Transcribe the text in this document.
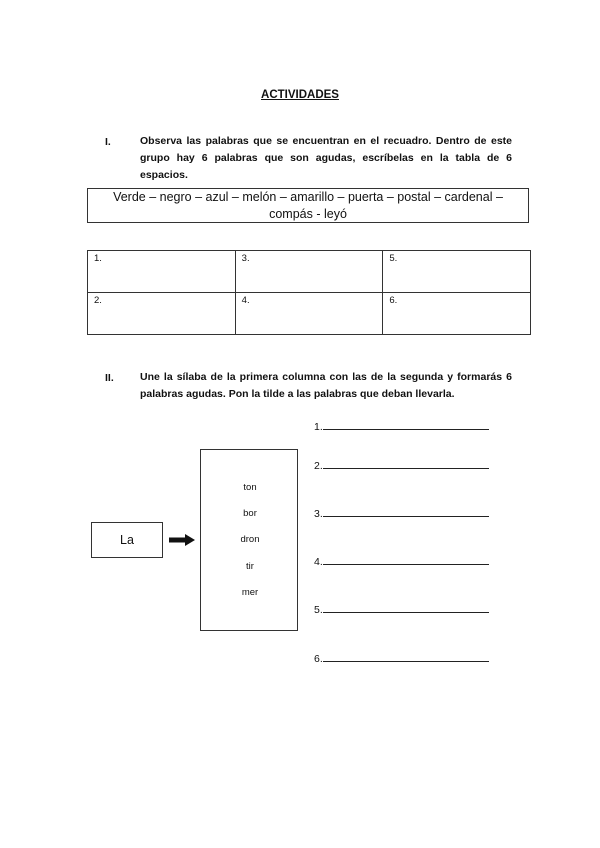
ACTIVIDADES
I.	Observa las palabras que se encuentran en el recuadro. Dentro de este
grupo hay 6 palabras que son agudas, escríbelas en la tabla de 6 espacios.
Verde – negro – azul – melón – amarillo – puerta – postal – cardenal –
compás - leyó
1.	3.	5.
2.	4.	6.
II. Une la sílaba de la primera columna con las de la segunda y formarás 6
palabras agudas. Pon la tilde a las palabras que deban llevarla.
La
ton
bor
dron
tir
mer
1.
2.
3.
4.
5.
6.
